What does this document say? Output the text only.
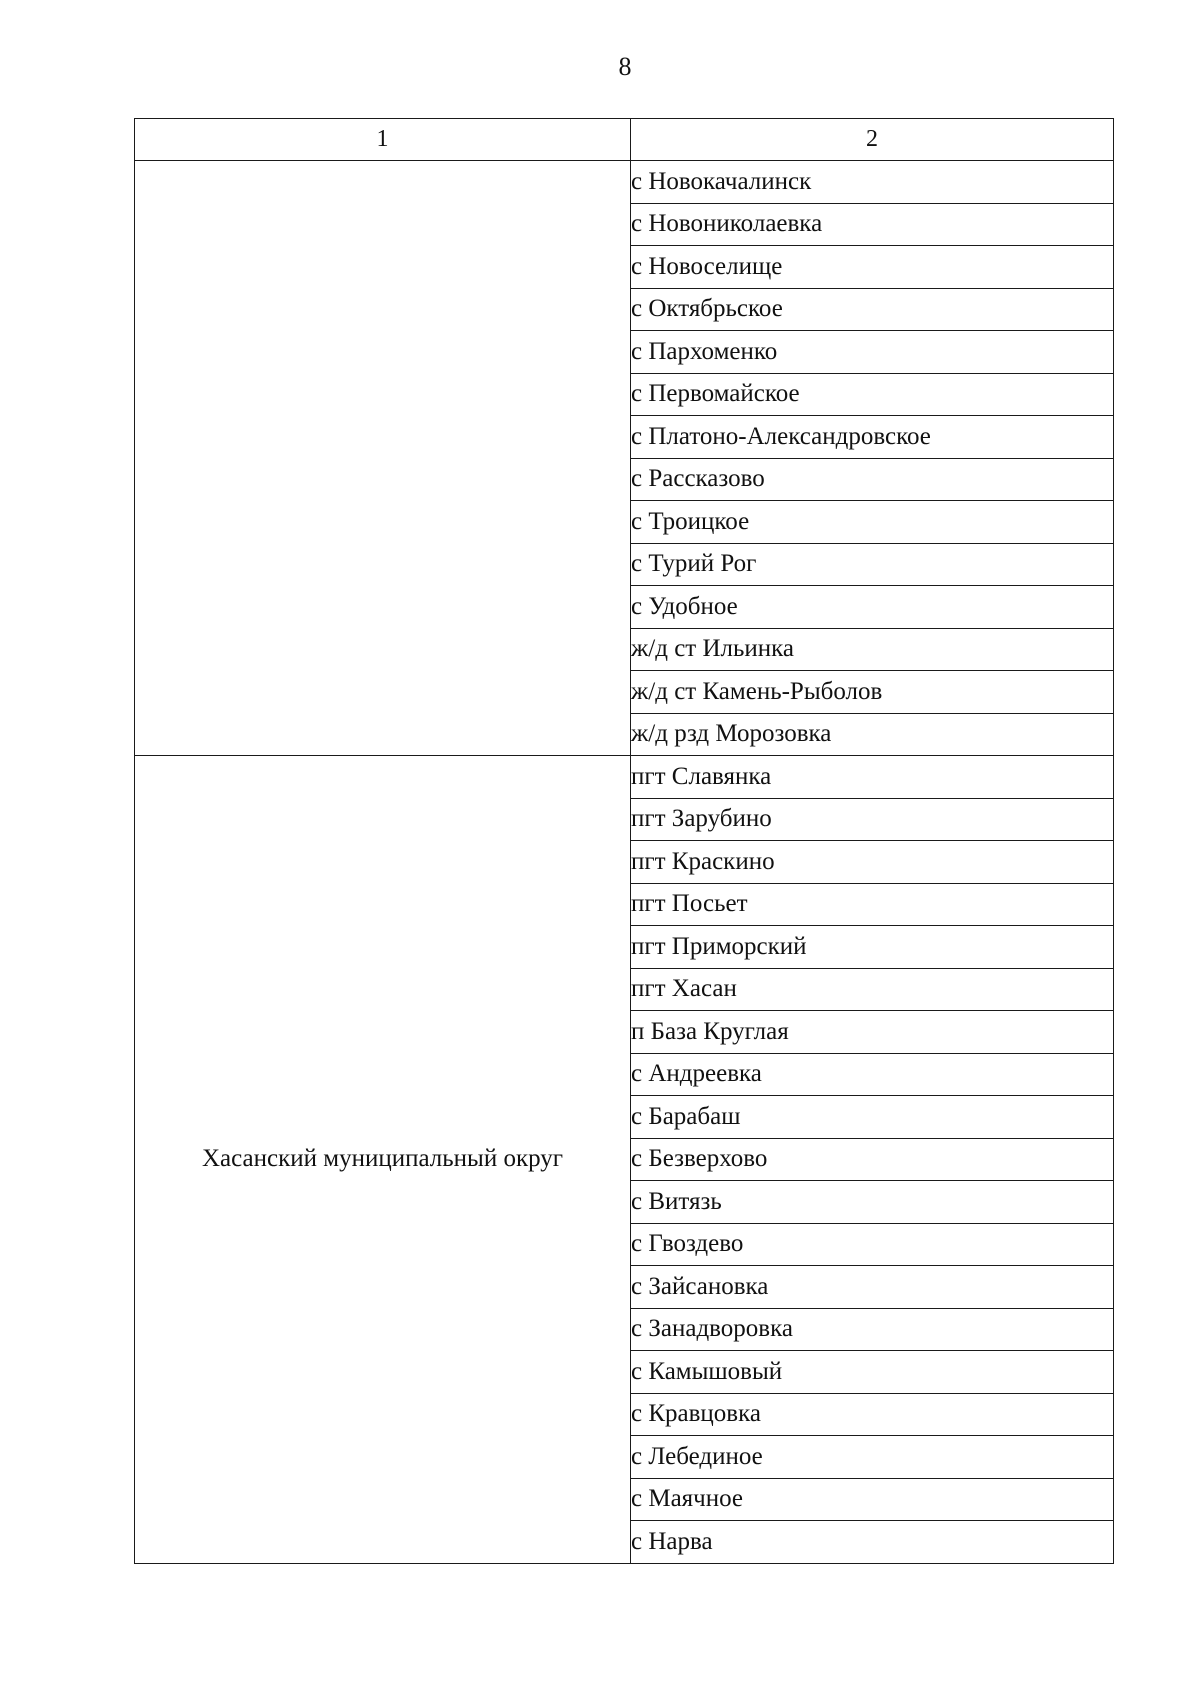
8
1	2
	с Новокачалинск
	с Новониколаевка
	с Новоселище
	с Октябрьское
	с Пархоменко
	с Первомайское
	с Платоно-Александровское
	с Рассказово
	с Троицкое
	с Турий Рог
	с Удобное
	ж/д ст Ильинка
	ж/д ст Камень-Рыболов
	ж/д рзд Морозовка
Хасанский муниципальный округ	пгт Славянка
	пгт Зарубино
	пгт Краскино
	пгт Посьет
	пгт Приморский
	пгт Хасан
	п База Круглая
	с Андреевка
	с Барабаш
	с Безверхово
	с Витязь
	с Гвоздево
	с Зайсановка
	с Занадворовка
	с Камышовый
	с Кравцовка
	с Лебединое
	с Маячное
	с Нарва
